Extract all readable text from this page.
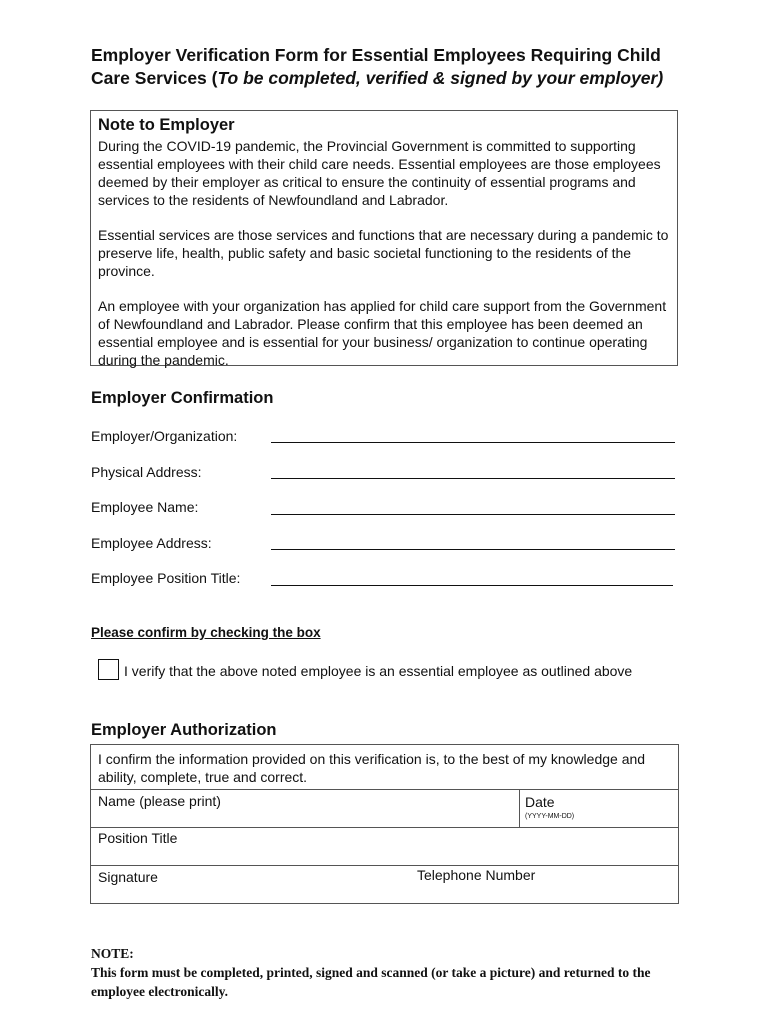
Employer Verification Form for Essential Employees Requiring Child
Care Services (To be completed, verified & signed by your employer)
Note to Employer

During the COVID-19 pandemic, the Provincial Government is committed to supporting essential employees with their child care needs. Essential employees are those employees deemed by their employer as critical to ensure the continuity of essential programs and services to the residents of Newfoundland and Labrador.

Essential services are those services and functions that are necessary during a pandemic to preserve life, health, public safety and basic societal functioning to the residents of the province.

An employee with your organization has applied for child care support from the Government of Newfoundland and Labrador. Please confirm that this employee has been deemed an essential employee and is essential for your business/ organization to continue operating during the pandemic.

Employer Confirmation
Employer/Organization:
Physical Address:
Employee Name:
Employee Address:
Employee Position Title:
Please confirm by checking the box
I verify that the above noted employee is an essential employee as outlined above
Employer Authorization
I confirm the information provided on this verification is, to the best of my knowledge and ability, complete, true and correct.
Name (please print)	Date
(YYYY-MM-DD)
Position Title
Signature	Telephone Number
NOTE:
This form must be completed, printed, signed and scanned (or take a picture) and returned to the employee electronically.
